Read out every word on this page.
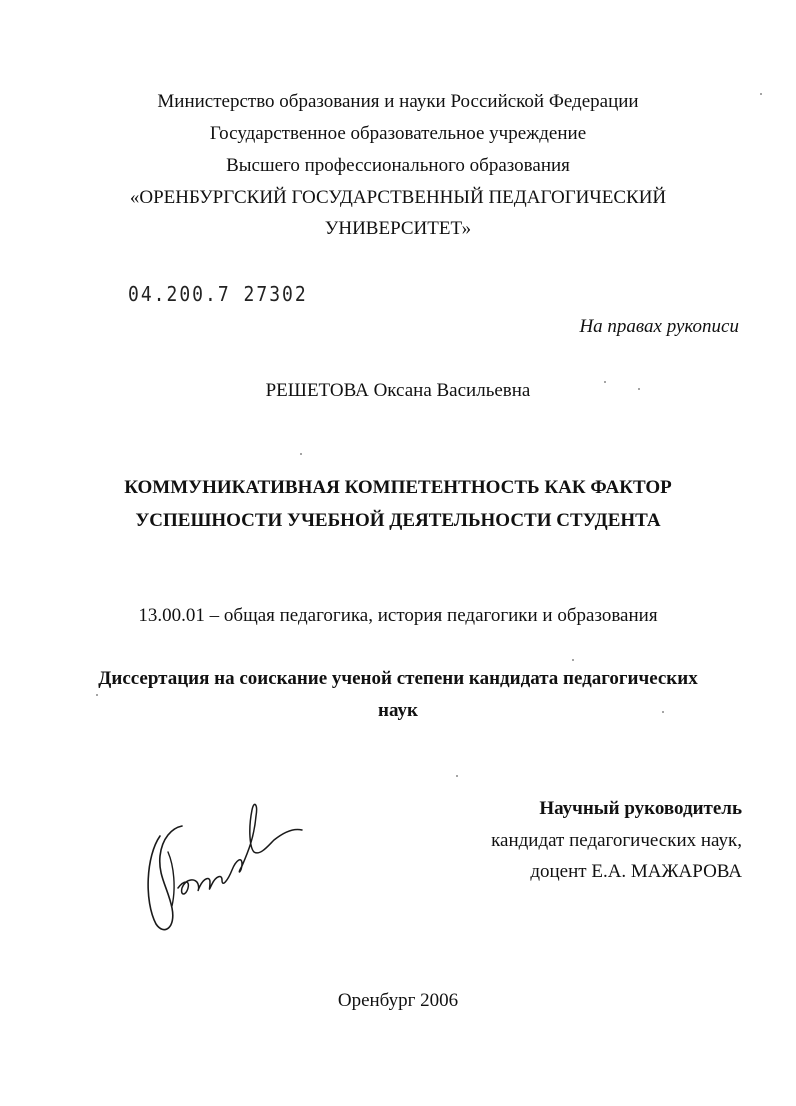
Министерство образования и науки Российской Федерации
Государственное образовательное учреждение
Высшего профессионального образования
«ОРЕНБУРГСКИЙ ГОСУДАРСТВЕННЫЙ ПЕДАГОГИЧЕСКИЙ
УНИВЕРСИТЕТ»
04.200.7 27302
На правах рукописи
РЕШЕТОВА Оксана Васильевна
КОММУНИКАТИВНАЯ КОМПЕТЕНТНОСТЬ КАК ФАКТОР
УСПЕШНОСТИ УЧЕБНОЙ ДЕЯТЕЛЬНОСТИ СТУДЕНТА
13.00.01 – общая педагогика, история педагогики и образования
Диссертация на соискание ученой степени кандидата педагогических
наук
Научный руководитель
кандидат педагогических наук,
доцент Е.А. МАЖАРОВА
Оренбург 2006
